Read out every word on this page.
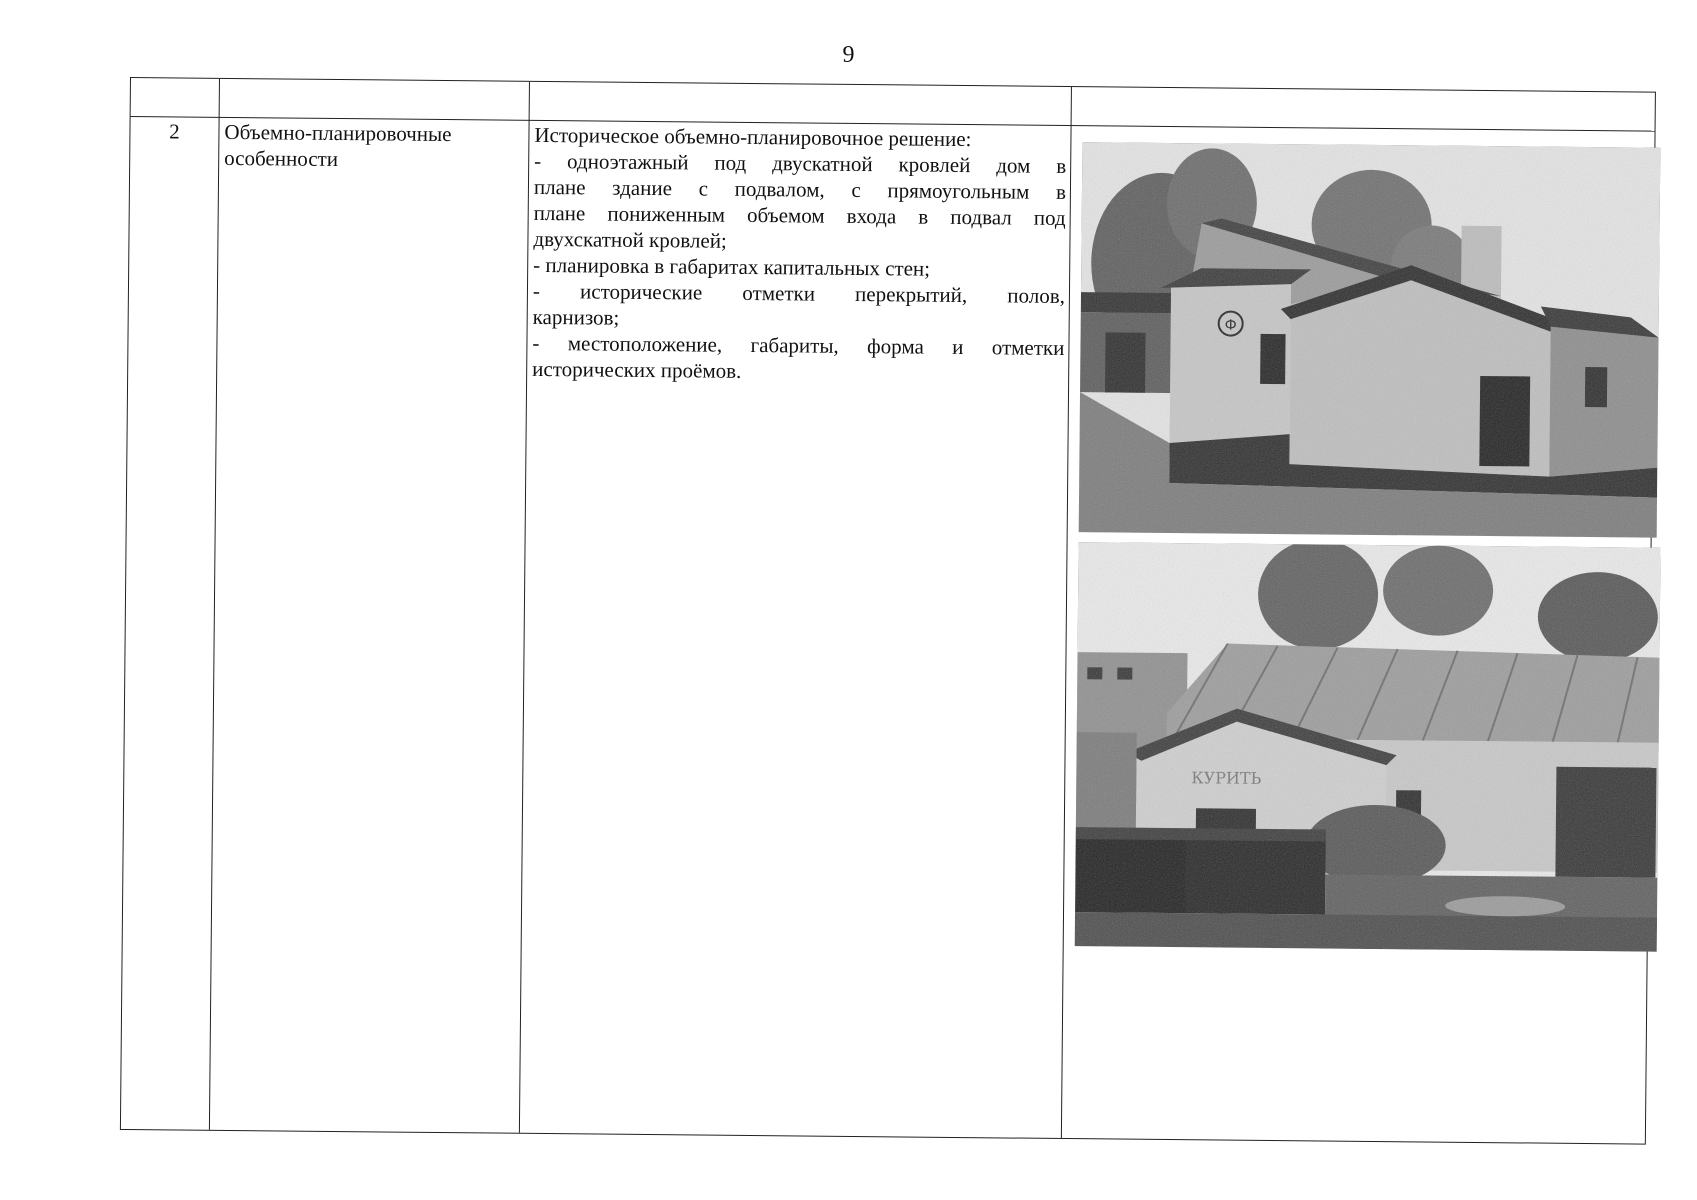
9
2	Объемно-планировочные
особенности
Историческое объемно-планировочное решение:
- одноэтажный под двускатной кровлей дом в
плане здание с подвалом, с прямоугольным в
плане пониженным объемом входа в подвал под
двухскатной кровлей;
- планировка в габаритах капитальных стен;
- исторические отметки перекрытий, полов,
карнизов;
- местоположение, габариты, форма и отметки
исторических проёмов.
